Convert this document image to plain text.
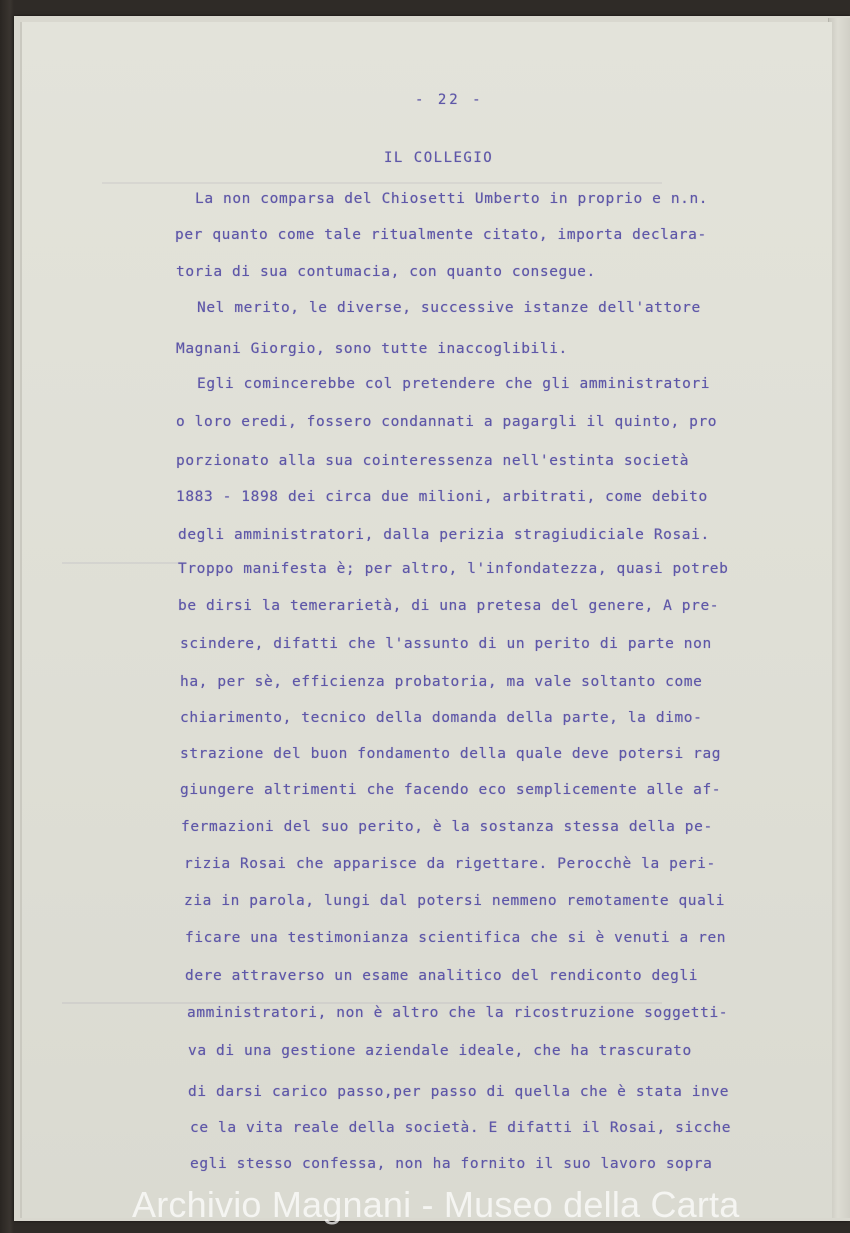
- 22 -

IL COLLEGIO

La non comparsa del Chiosetti Umberto in proprio e n.n.

per quanto come tale ritualmente citato, importa declara-

toria di sua contumacia, con quanto consegue.

Nel merito, le diverse, successive istanze dell'attore

Magnani Giorgio, sono tutte inaccoglibili.

Egli comincerebbe col pretendere che gli amministratori

o loro eredi, fossero condannati a pagargli il quinto, pro

porzionato alla sua cointeressenza nell'estinta società

1883 - 1898 dei circa due milioni, arbitrati, come debito

degli amministratori, dalla perizia stragiudiciale Rosai.

Troppo manifesta è; per altro, l'infondatezza, quasi potreb

be dirsi la temerarietà, di una pretesa del genere, A pre-

scindere, difatti che l'assunto di un perito di parte non

ha, per sè, efficienza probatoria, ma vale soltanto come

chiarimento, tecnico della domanda della parte, la dimo-

strazione del buon fondamento della quale deve potersi rag

giungere altrimenti che facendo eco semplicemente alle af-

fermazioni del suo perito, è la sostanza stessa della pe-

rizia Rosai che apparisce da rigettare. Perocchè la peri-

zia in parola, lungi dal potersi nemmeno remotamente quali

ficare una testimonianza scientifica che si è venuti a ren

dere attraverso un esame analitico del rendiconto degli

amministratori, non è altro che la ricostruzione soggetti-

va di una gestione aziendale ideale, che ha trascurato

di darsi carico passo,per passo di quella che è stata inve

ce la vita reale della società. E difatti il Rosai, sicche

egli stesso confessa, non ha fornito il suo lavoro sopra

Archivio Magnani - Museo della Carta
